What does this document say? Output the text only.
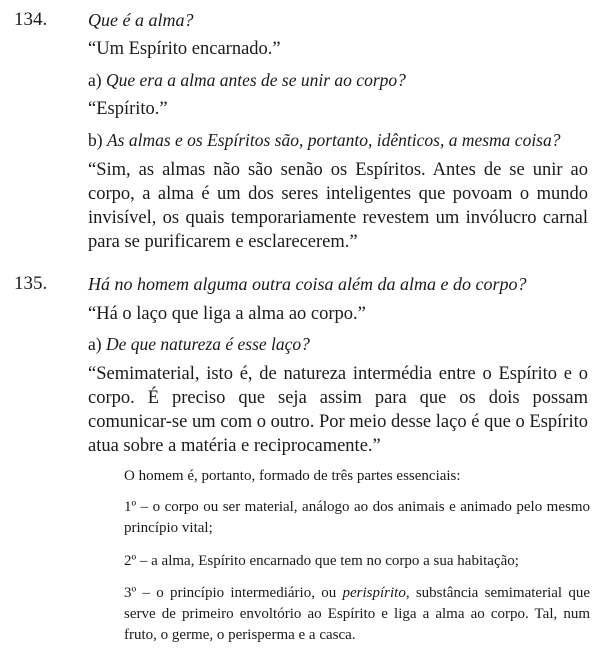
134. Que é a alma?

“Um Espírito encarnado.”

a) Que era a alma antes de se unir ao corpo?

“Espírito.”

b) As almas e os Espíritos são, portanto, idênticos, a mesma coisa?

“Sim, as almas não são senão os Espíritos. Antes de se unir ao corpo, a alma é um dos seres inteligentes que povoam o mundo invisível, os quais temporariamente revestem um invólucro carnal para se purificarem e esclarecerem.”

135. Há no homem alguma outra coisa além da alma e do corpo?

“Há o laço que liga a alma ao corpo.”

a) De que natureza é esse laço?

“Semimaterial, isto é, de natureza intermédia entre o Espírito e o corpo. É preciso que seja assim para que os dois possam comunicar-se um com o outro. Por meio desse laço é que o Espírito atua sobre a matéria e reciprocamente.”

O homem é, portanto, formado de três partes essenciais:

1º – o corpo ou ser material, análogo ao dos animais e animado pelo mesmo princípio vital;

2º – a alma, Espírito encarnado que tem no corpo a sua habitação;

3º – o princípio intermediário, ou perispírito, substância semimaterial que serve de primeiro envoltório ao Espírito e liga a alma ao corpo. Tal, num fruto, o germe, o perisperma e a casca.
